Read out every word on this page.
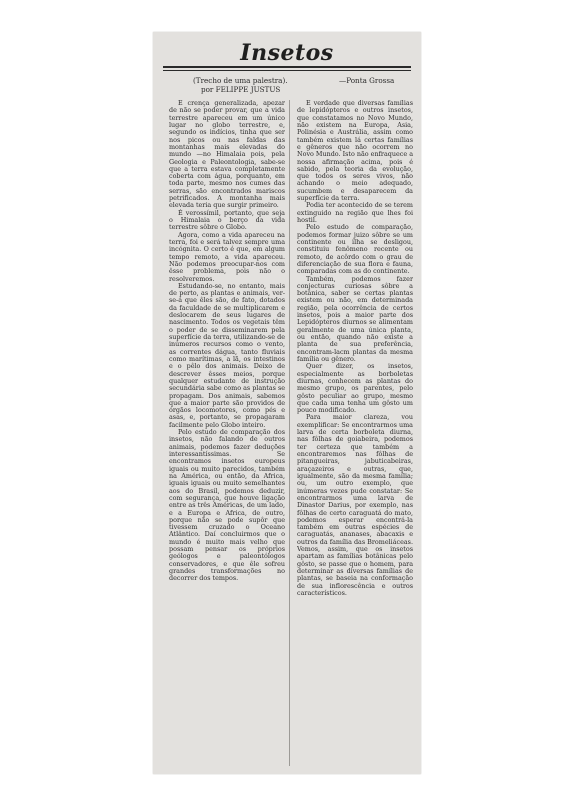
Insetos
(Trecho de uma palestra).
por FELIPPE JUSTUS
—Ponta Grossa

É crença generalizada, apezar de não se poder provar, que a vida terrestre apareceu em um único lugar no globo terrestre, e, segundo os indícios, tinha que ser nos picos ou nas faldas das montanhas mais elevadas do mundo —no Himalaia pois, pela Geologia e Paleontologia, sabe-se que a terra estava completamente coberta com água, porquanto, em toda parte, mesmo nos cumes das serras, são encontrados mariscos petrificados. A montanha mais elevada teria que surgir primeiro.

É verossímil, portanto, que seja o Himalaia o berço da vida terrestre sôbre o Globo.

Agora, como a vida apareceu na terra, foi e será talvez sempre uma incógnita. O certo é que, em algum tempo remoto, a vida apareceu. Não podemos preocupar-nos com êsse problema, pois não o resolveremos.

Estudando-se, no entanto, mais de perto, as plantas e animais, ver-se-á que êles são, de fato, dotados da faculdade de se multiplicarem e deslocarem de seus lugares de nascimento. Todos os vegetais têm o poder de se disseminarem pela superfície da terra, utilizando-se de inúmeros recursos como o vento, as correntes dágua, tanto fluviais como marítimas, a lã, os intestinos e o pêlo dos animais. Deixo de descrever êsses meios, porque qualquer estudante de instrução secundária sabe como as plantas se propagam. Dos animais, sabemos que a maior parte são providos de órgãos locomotores, como pés e asas, e, portanto, se propagaram facilmente pelo Globo inteiro.

Pelo estudo de comparação dos insetos, não falando de outros animais, podemos fazer deduções interessantíssimas. Se encontramos insetos europeus iguais ou muito parecidos, também na América, ou então, da Africa, iguais iguais ou muito semelhantes aos do Brasil, podemos deduzir, com segurança, que houve ligação entre as três Américas, de um lado, e a Europa e Africa, de outro, porque não se pode supôr que tivessem cruzado o Oceano Atlântico. Daí concluirmos que o mundo é muito mais velho que possam pensar os próprios geólogos e paleontólogos conservadores, e que êle sofreu grandes transformações no decorrer dos tempos.

É verdade que diversas famílias de lepidópteros e outros insetos, que constatamos no Novo Mundo, não existem na Europa, Asia, Polinésia e Austrália, assim como também existem lá certas famílias e gêneros que não ocorrem no Novo Mundo. Isto não enfraquece a nossa afirmação acima, pois é sabido, pela teoria da evolução, que todos os seres vivos, não achando o meio adequado, sucumbem e desaparecem da superfície da terra.

Podia ter acontecido de se terem extinguido na região que lhes foi hostil.

Pelo estudo de comparação, podemos formar juizo sôbre se um continente ou ilha se desligou, constituiu fenômeno recente ou remoto, de acôrdo com o grau de diferenciação de sua flora e fauna, comparadas com as do continente.

Também, podemos fazer conjecturas curiosas sôbre a botânica, saber se certas plantas existem ou não, em determinada região, pela ocorrência de certos insetos, pois a maior parte dos Lepidópteros diurnos se alimentam geralmente de uma única planta, ou então, quando não existe a planta de sua preferência, encontram-lacm plantas da mesma família ou gênero.

Quer dizer, os insetos, especialmente as borboletas diurnas, conhecem as plantas do mesmo grupo, os parentes, pelo gôsto peculiar ao grupo, mesmo que cada uma tenha um gôsto um pouco modificado.

Para maior clareza, vou exemplificar: Se encontrarmos uma larva de certa borboleta diurna, nas fôlhas de goiabeira, podemos ter certeza que também a encontraremos nas fôlhas de pitangueiras, jabuticabeiras, araçazeiros e outras, que, igualmente, são da mesma família; ou, um outro exemplo, que inúmeras vezes pude constatar: Se encontrarmos uma larva de Dinastor Darius, por exemplo, nas fôlhas de certo caraguatá do mato, podemos esperar encontrá-la também em outras espécies de caraguatás, ananases, abacaxis e outros da família das Bromeliáceas. Vemos, assim, que os insetos apartam as famílias botânicas pelo gôsto, se passe que o homem, para determinar as diversas famílias de plantas, se baseia na conformação de sua inflorescência e outros característicos.
